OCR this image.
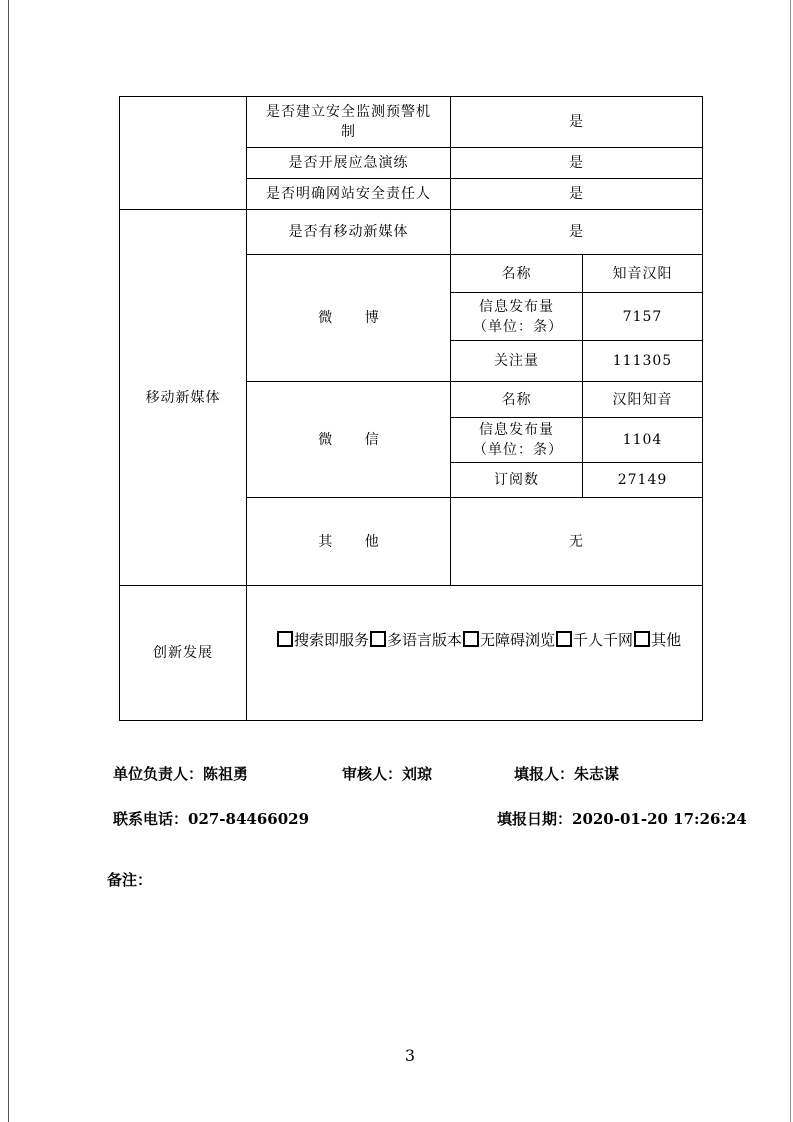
	是否建立安全监测预警机制	是	
	是否开展应急演练	是	
	是否明确网站安全责任人	是	
移动新媒体	是否有移动新媒体	是	
	微 博	名称	知音汉阳
		信息发布量（单位：条）	7157
		关注量	111305
	微 信	名称	汉阳知音
		信息发布量（单位：条）	1104
		订阅数	27149
	其 他	无	
创新发展	搜索即服务 多语言版本 无障碍浏览 千人千网 其他		
单位负责人：陈祖勇	审核人：刘琼	填报人：朱志谋
联系电话：027-84466029	填报日期：2020-01-20 17:26:24
备注：
3
